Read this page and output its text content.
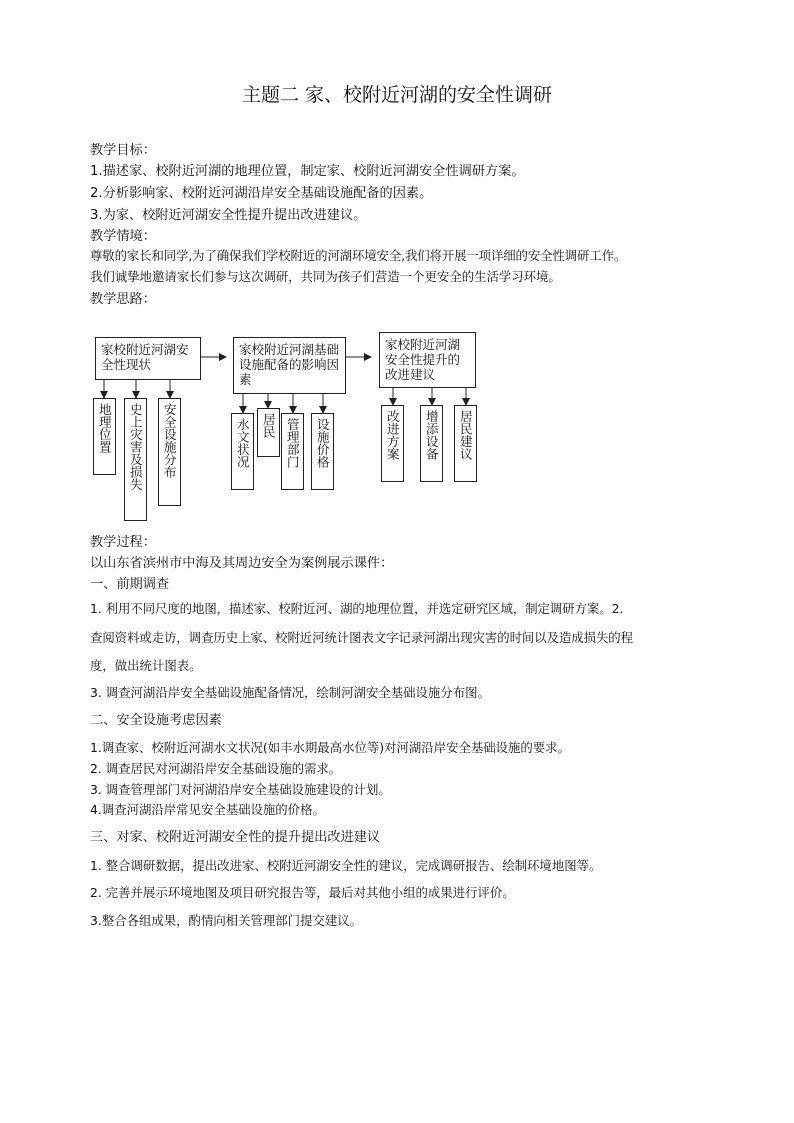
主题二 家、校附近河湖的安全性调研
教学目标：
1.描述家、校附近河湖的地理位置，制定家、校附近河湖安全性调研方案。
2.分析影响家、校附近河湖沿岸安全基础设施配备的因素。
3.为家、校附近河湖安全性提升提出改进建议。
教学情境：
尊敬的家长和同学,为了确保我们学校附近的河湖环境安全,我们将开展一项详细的安全性调研工作。
我们诚挚地邀请家长们参与这次调研，共同为孩子们营造一个更安全的生活学习环境。
教学思路：
家校附近河湖安全性现状
家校附近河湖基础设施配备的影响因素
家校附近河湖安全性提升的改进建议
地理位置	史上灾害及损失	安全设施分布	水文状况 居民 管理部门	设施价格	改进方案	增添设备	居民建议
教学过程：
以山东省滨州市中海及其周边安全为案例展示课件：
一、前期调查
1. 利用不同尺度的地图，描述家、校附近河、湖的地理位置，并选定研究区域，制定调研方案。2.
查阅资料或走访，调查历史上家、校附近河统计图表文字记录河湖出现灾害的时间以及造成损失的程
度，做出统计图表。
3. 调查河湖沿岸安全基础设施配备情况，绘制河湖安全基础设施分布图。
二、安全设施考虑因素
1.调查家、校附近河湖水文状况(如丰水期最高水位等)对河湖沿岸安全基础设施的要求。
2. 调查居民对河湖沿岸安全基础设施的需求。
3. 调查管理部门对河湖沿岸安全基础设施建设的计划。
4.调查河湖沿岸常见安全基础设施的价格。
三、对家、校附近河湖安全性的提升提出改进建议
1. 整合调研数据，提出改进家、校附近河湖安全性的建议，完成调研报告、绘制环境地图等。
2. 完善并展示环境地图及项目研究报告等，最后对其他小组的成果进行评价。
3.整合各组成果，酌情向相关管理部门提交建议。
